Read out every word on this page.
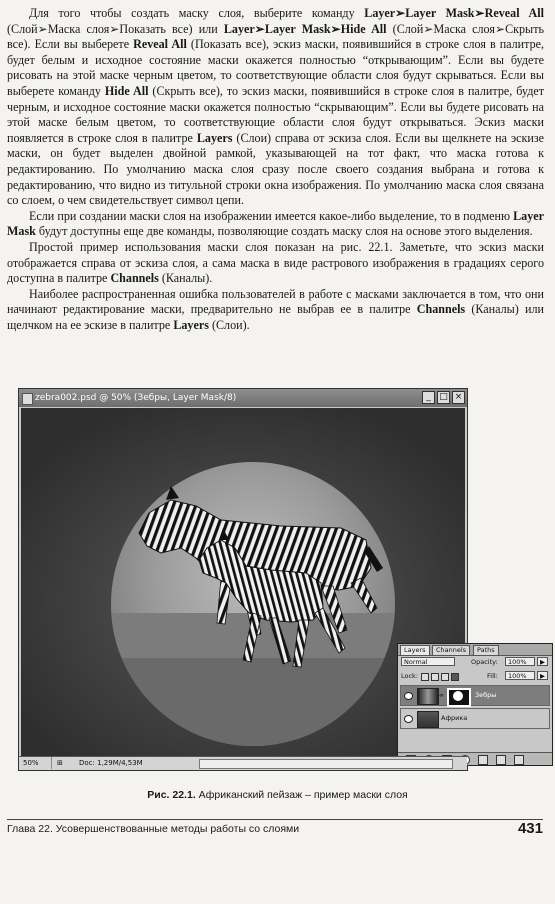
Для того чтобы создать маску слоя, выберите команду Layer➢Layer Mask➢Reveal All (Слой➢Маска слоя➢Показать все) или Layer➢Layer Mask➢Hide All (Слой➢Маска слоя➢Скрыть все). Если вы выберете Reveal All (Показать все), эскиз маски, появившийся в строке слоя в палитре, будет белым и исходное состояние маски окажется полностью “открывающим”. Если вы будете рисовать на этой маске черным цветом, то соответствующие области слоя будут скрываться. Если вы выберете команду Hide All (Скрыть все), то эскиз маски, появившийся в строке слоя в палитре, будет черным, и исходное состояние маски окажется полностью “скрывающим”. Если вы будете рисовать на этой маске белым цветом, то соответствующие области слоя будут открываться. Эскиз маски появляется в строке слоя в палитре Layers (Слои) справа от эскиза слоя. Если вы щелкнете на эскизе маски, он будет выделен двойной рамкой, указывающей на тот факт, что маска готова к редактированию. По умолчанию маска слоя сразу после своего создания выбрана и готова к редактированию, что видно из титульной строки окна изображения. По умолчанию маска слоя связана со слоем, о чем свидетельствует символ цепи.

Если при создании маски слоя на изображении имеется какое-либо выделение, то в подменю Layer Mask будут доступны еще две команды, позволяющие создать маску слоя на основе этого выделения.

Простой пример использования маски слоя показан на рис. 22.1. Заметьте, что эскиз маски отображается справа от эскиза слоя, а сама маска в виде растрового изображения в градациях серого доступна в палитре Channels (Каналы).

Наиболее распространенная ошибка пользователей в работе с масками заключается в том, что они начинают редактирование маски, предварительно не выбрав ее в палитре Channels (Каналы) или щелчком на ее эскизе в палитре Layers (Слои).

zebra002.psd @ 50% (Зебры, Layer Mask/8)	_ □ ×
Layers	Channels	Paths
Normal	Opacity:	100%	▶
Lock:	Fill:	100%	▶
∞	Зебры
Африка
50%	⊞ Doc: 1,29M/4,53M
Рис. 22.1. Африканский пейзаж – пример маски слоя
Глава 22. Усовершенствованные методы работы со слоями	431
